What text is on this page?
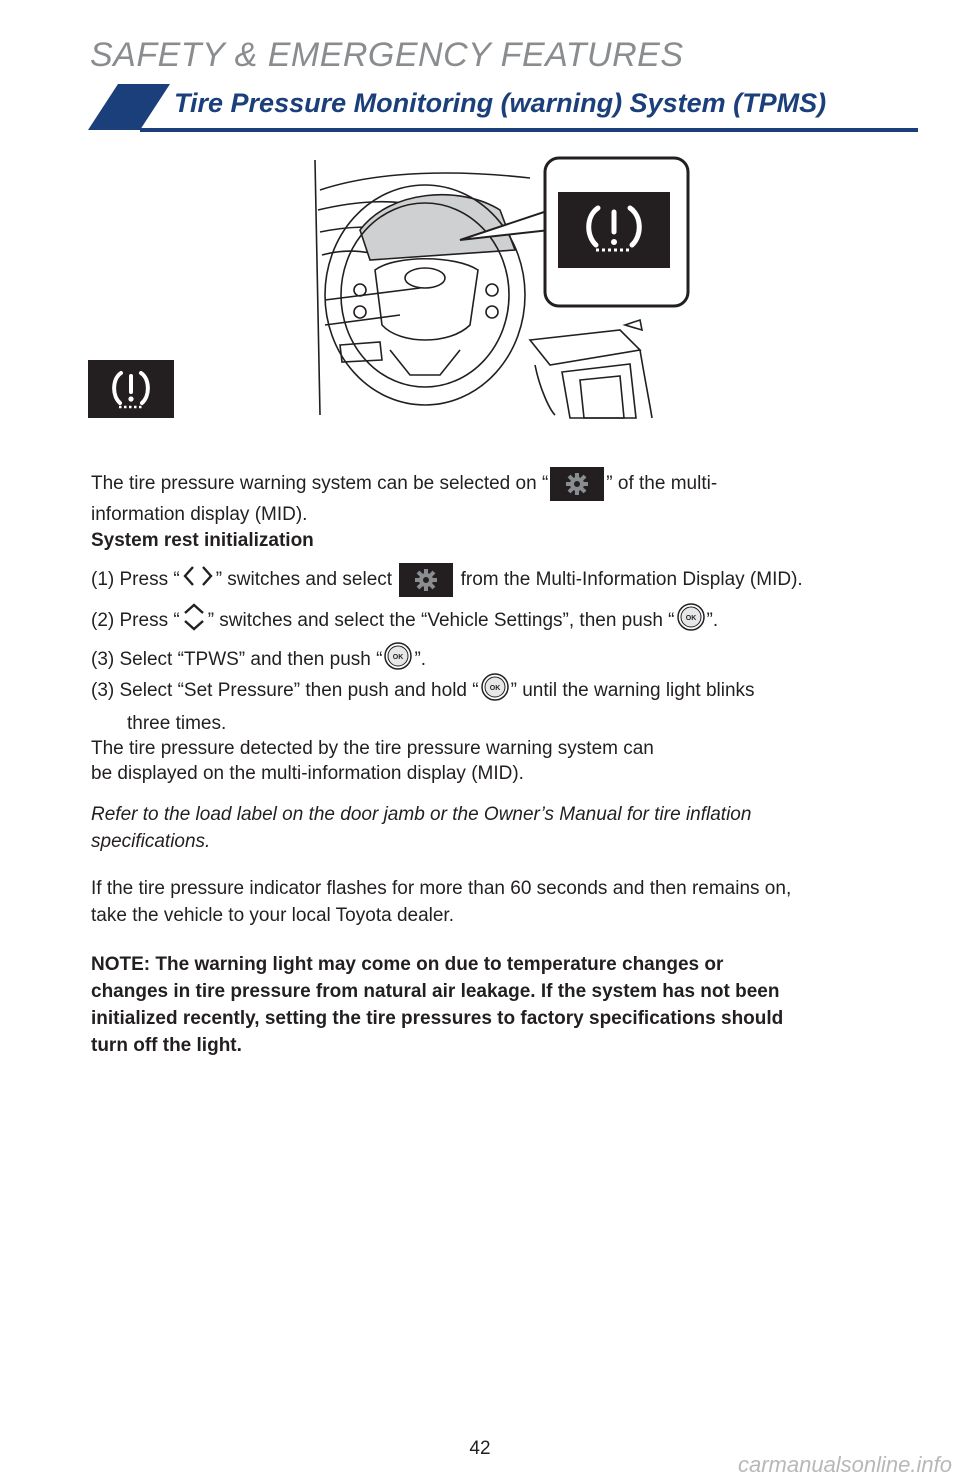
SAFETY & EMERGENCY FEATURES
Tire Pressure Monitoring (warning) System (TPMS)
The tire pressure warning system can be selected on “	” of the multi-
information display (MID).
System rest initialization
(1) Press “ ” switches and select	from the Multi-Information Display (MID).
(2) Press “ ” switches and select the “Vehicle Settings”, then push “ OK ”.
(3) Select “TPWS” and then push “ OK ”.
(3) Select “Set Pressure” then push and hold “ OK ” until the warning light blinks
three times.
The tire pressure detected by the tire pressure warning system can
be displayed on the multi-information display (MID).
Refer to the load label on the door jamb or the Owner’s Manual for tire inflation
specifications.
If the tire pressure indicator flashes for more than 60 seconds and then remains on,
take the vehicle to your local Toyota dealer.
NOTE: The warning light may come on due to temperature changes or
changes in tire pressure from natural air leakage. If the system has not been
initialized recently, setting the tire pressures to factory specifications should
turn off the light.
42
carmanualsonline.info
